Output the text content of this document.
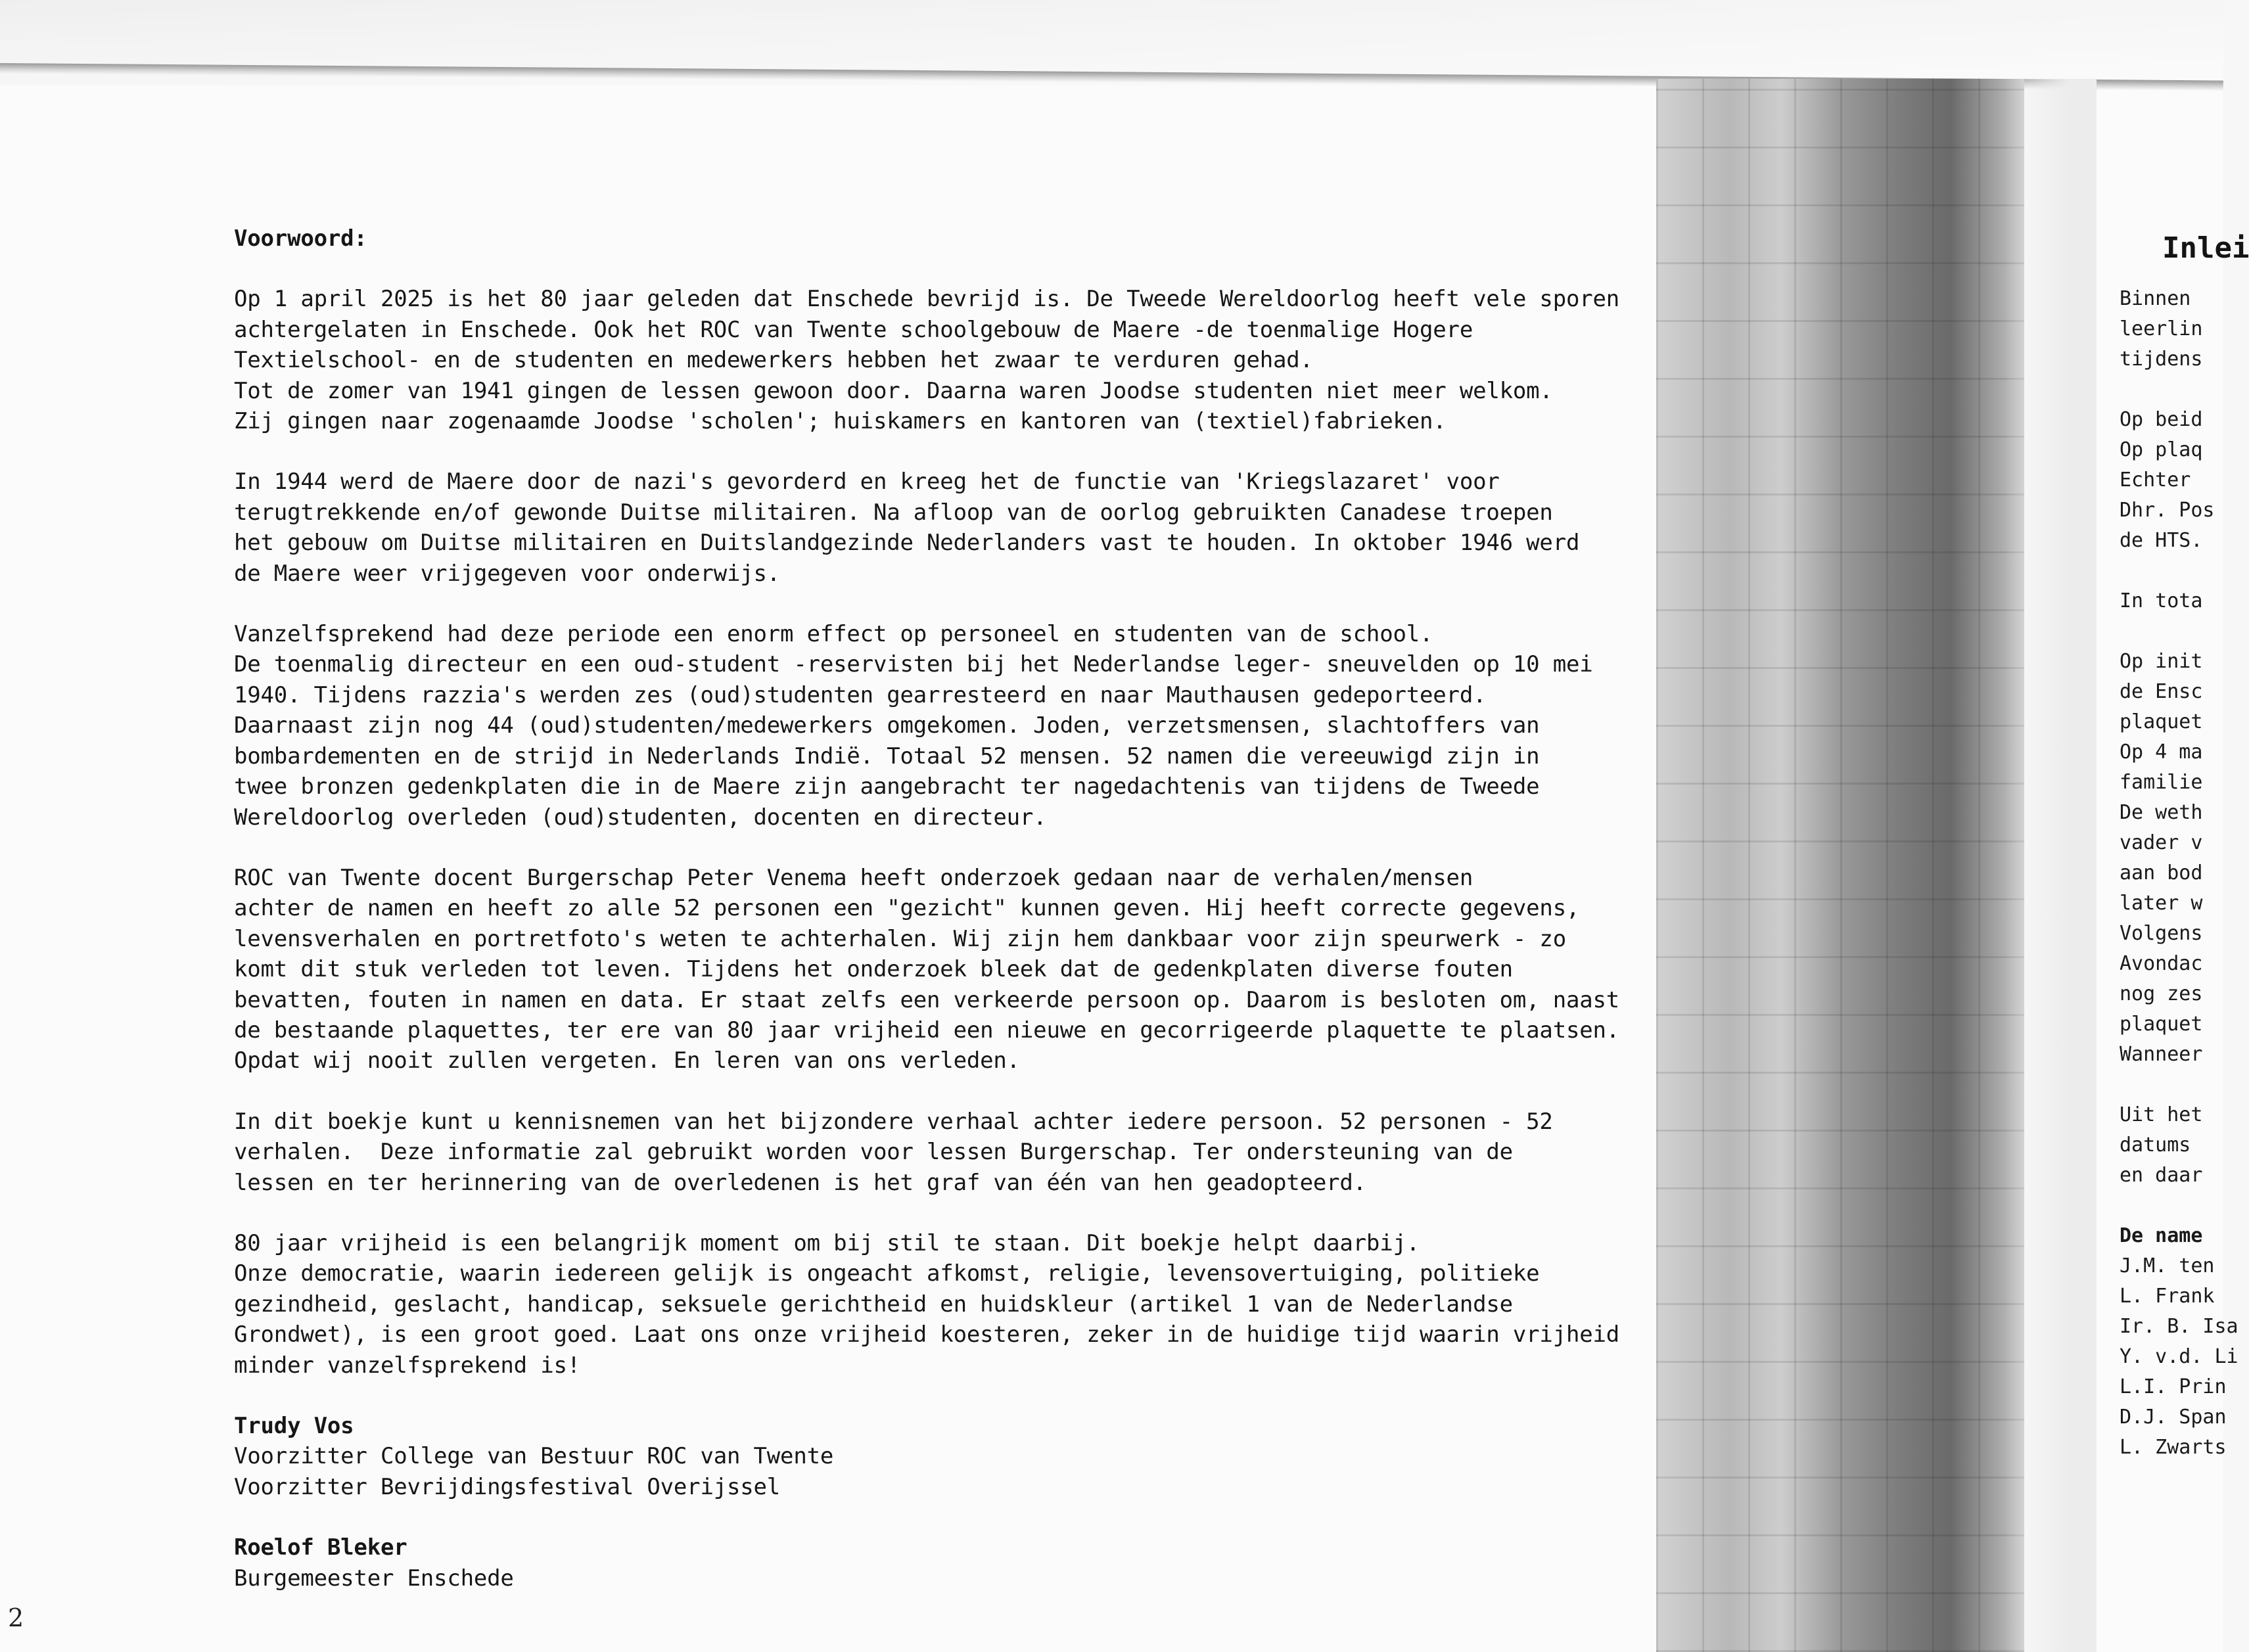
Voorwoord:

Op 1 april 2025 is het 80 jaar geleden dat Enschede bevrijd is. De Tweede Wereldoorlog heeft vele sporen

achtergelaten in Enschede. Ook het ROC van Twente schoolgebouw de Maere -de toenmalige Hogere

Textielschool- en de studenten en medewerkers hebben het zwaar te verduren gehad.

Tot de zomer van 1941 gingen de lessen gewoon door. Daarna waren Joodse studenten niet meer welkom.

Zij gingen naar zogenaamde Joodse 'scholen'; huiskamers en kantoren van (textiel)fabrieken.

In 1944 werd de Maere door de nazi's gevorderd en kreeg het de functie van 'Kriegslazaret' voor

terugtrekkende en/of gewonde Duitse militairen. Na afloop van de oorlog gebruikten Canadese troepen

het gebouw om Duitse militairen en Duitslandgezinde Nederlanders vast te houden. In oktober 1946 werd

de Maere weer vrijgegeven voor onderwijs.

Vanzelfsprekend had deze periode een enorm effect op personeel en studenten van de school.

De toenmalig directeur en een oud-student -reservisten bij het Nederlandse leger- sneuvelden op 10 mei

1940. Tijdens razzia's werden zes (oud)studenten gearresteerd en naar Mauthausen gedeporteerd.

Daarnaast zijn nog 44 (oud)studenten/medewerkers omgekomen. Joden, verzetsmensen, slachtoffers van

bombardementen en de strijd in Nederlands Indië. Totaal 52 mensen. 52 namen die vereeuwigd zijn in

twee bronzen gedenkplaten die in de Maere zijn aangebracht ter nagedachtenis van tijdens de Tweede

Wereldoorlog overleden (oud)studenten, docenten en directeur.

ROC van Twente docent Burgerschap Peter Venema heeft onderzoek gedaan naar de verhalen/mensen

achter de namen en heeft zo alle 52 personen een "gezicht" kunnen geven. Hij heeft correcte gegevens,

levensverhalen en portretfoto's weten te achterhalen. Wij zijn hem dankbaar voor zijn speurwerk - zo

komt dit stuk verleden tot leven. Tijdens het onderzoek bleek dat de gedenkplaten diverse fouten

bevatten, fouten in namen en data. Er staat zelfs een verkeerde persoon op. Daarom is besloten om, naast

de bestaande plaquettes, ter ere van 80 jaar vrijheid een nieuwe en gecorrigeerde plaquette te plaatsen.

Opdat wij nooit zullen vergeten. En leren van ons verleden.

In dit boekje kunt u kennisnemen van het bijzondere verhaal achter iedere persoon. 52 personen - 52

verhalen.  Deze informatie zal gebruikt worden voor lessen Burgerschap. Ter ondersteuning van de

lessen en ter herinnering van de overledenen is het graf van één van hen geadopteerd.

80 jaar vrijheid is een belangrijk moment om bij stil te staan. Dit boekje helpt daarbij.

Onze democratie, waarin iedereen gelijk is ongeacht afkomst, religie, levensovertuiging, politieke

gezindheid, geslacht, handicap, seksuele gerichtheid en huidskleur (artikel 1 van de Nederlandse

Grondwet), is een groot goed. Laat ons onze vrijheid koesteren, zeker in de huidige tijd waarin vrijheid

minder vanzelfsprekend is!

Trudy Vos

Voorzitter College van Bestuur ROC van Twente

Voorzitter Bevrijdingsfestival Overijssel

Roelof Bleker

Burgemeester Enschede

2
Inlei

Binnen

leerlin

tijdens

Op beid

Op plaq

Echter

Dhr. Pos

de HTS.

In tota

Op init

de Ensc

plaquet

Op 4 ma

familie

De weth

vader v

aan bod

later w

Volgens

Avondac

nog zes

plaquet

Wanneer

Uit het

datums

en daar

De name

J.M. ten

L. Frank

Ir. B. Isa

Y. v.d. Li

L.I. Prin

D.J. Span

L. Zwarts
